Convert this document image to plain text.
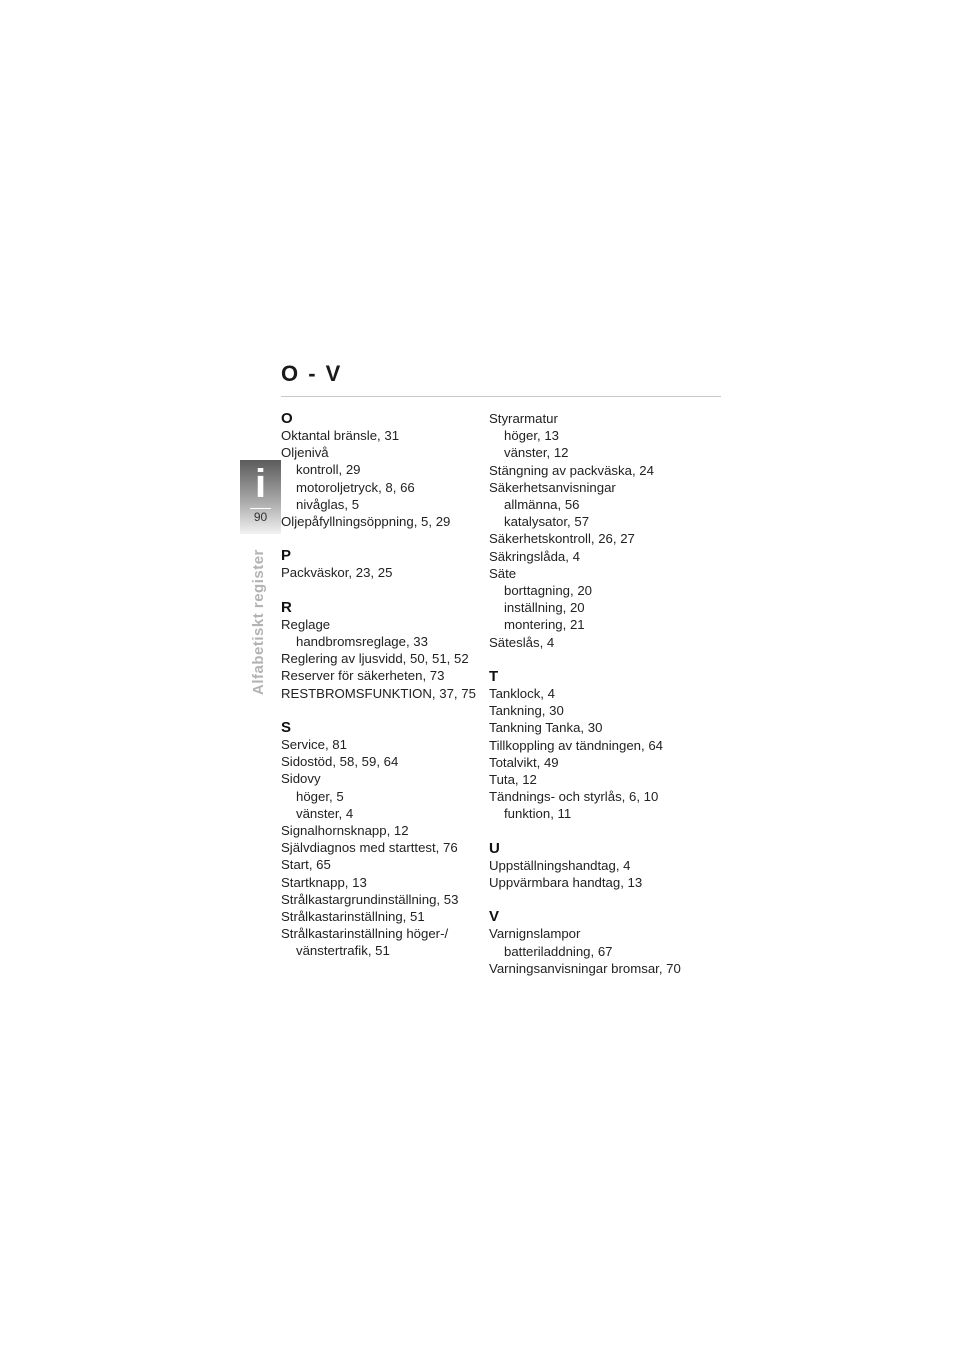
O - V
i
90
Alfabetiskt register
O
Oktantal bränsle, 31
Oljenivå
kontroll, 29
motoroljetryck, 8, 66
nivåglas, 5
Oljepåfyllningsöppning, 5, 29
P
Packväskor, 23, 25
R
Reglage
handbromsreglage, 33
Reglering av ljusvidd, 50, 51, 52
Reserver för säkerheten, 73
RESTBROMSFUNKTION, 37, 75
S
Service, 81
Sidostöd, 58, 59, 64
Sidovy
höger, 5
vänster, 4
Signalhornsknapp, 12
Självdiagnos med starttest, 76
Start, 65
Startknapp, 13
Strålkastargrundinställning, 53
Strålkastarinställning, 51
Strålkastarinställning höger-/
vänstertrafik, 51
Styrarmatur
höger, 13
vänster, 12
Stängning av packväska, 24
Säkerhetsanvisningar
allmänna, 56
katalysator, 57
Säkerhetskontroll, 26, 27
Säkringslåda, 4
Säte
borttagning, 20
inställning, 20
montering, 21
Säteslås, 4
T
Tanklock, 4
Tankning, 30
Tankning Tanka, 30
Tillkoppling av tändningen, 64
Totalvikt, 49
Tuta, 12
Tändnings- och styrlås, 6, 10
funktion, 11
U
Uppställningshandtag, 4
Uppvärmbara handtag, 13
V
Varnignslampor
batteriladdning, 67
Varningsanvisningar bromsar, 70
